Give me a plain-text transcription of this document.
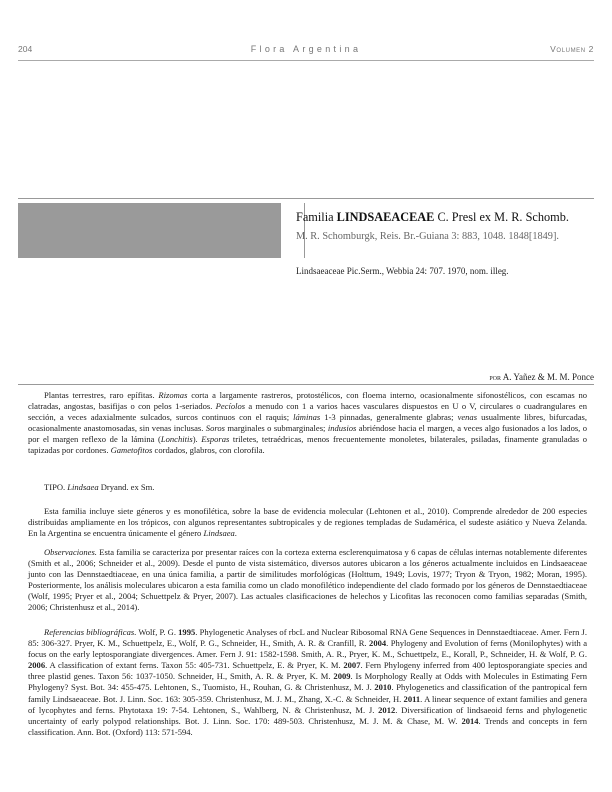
204	Flora Argentina	Volumen 2
Familia LINDSAEACEAE C. Presl ex M. R. Schomb.
M. R. Schomburgk, Reis. Br.-Guiana 3: 883, 1048. 1848[1849].
Lindsaeaceae Pic.Serm., Webbia 24: 707. 1970, nom. illeg.
por A. Yañez & M. M. Ponce

Plantas terrestres, raro epífitas. Rizomas corta a largamente rastreros, protostélicos, con floema interno, ocasionalmente sifonostélicos, con escamas no clatradas, angostas, basifijas o con pelos 1-seriados. Pecíolos a menudo con 1 a varios haces vasculares dispuestos en U o V, circulares o cuadrangulares en sección, a veces adaxialmente sulcados, surcos continuos con el raquis; láminas 1-3 pinnadas, generalmente glabras; venas usualmente libres, bifurcadas, ocasionalmente anastomosadas, sin venas inclusas. Soros marginales o submarginales; indusios abriéndose hacia el margen, a veces algo fusionados a los lados, o por el margen reflexo de la lámina (Lonchitis). Esporas triletes, tetraédricas, menos frecuentemente monoletes, bilaterales, psiladas, finamente granuladas o tapizadas por cordones. Gametofitos cordados, glabros, con clorofila.

TIPO. Lindsaea Dryand. ex Sm.

Esta familia incluye siete géneros y es monofilética, sobre la base de evidencia molecular (Lehtonen et al., 2010). Comprende alrededor de 200 especies distribuidas ampliamente en los trópicos, con algunos representantes subtropicales y de regiones templadas de Sudamérica, el sudeste asiático y Nueva Zelanda. En la Argentina se encuentra únicamente el género Lindsaea.

Observaciones. Esta familia se caracteriza por presentar raíces con la corteza externa esclerenquimatosa y 6 capas de células internas notablemente diferentes (Smith et al., 2006; Schneider et al., 2009). Desde el punto de vista sistemático, diversos autores ubicaron a los géneros actualmente incluidos en Lindsaeaceae junto con las Dennstaedtiaceae, en una única familia, a partir de similitudes morfológicas (Holttum, 1949; Lovis, 1977; Tryon & Tryon, 1982; Moran, 1995). Posteriormente, los análisis moleculares ubicaron a esta familia como un clado monofilético independiente del clado formado por los géneros de Dennstaedtiaceae (Wolf, 1995; Pryer et al., 2004; Schuettpelz & Pryer, 2007). Las actuales clasificaciones de helechos y Licofitas las reconocen como familias separadas (Smith, 2006; Christenhusz et al., 2014).

Referencias bibliográficas. Wolf, P. G. 1995. Phylogenetic Analyses of rbcL and Nuclear Ribosomal RNA Gene Sequences in Dennstaedtiaceae. Amer. Fern J. 85: 306-327. Pryer, K. M., Schuettpelz, E., Wolf, P. G., Schneider, H., Smith, A. R. & Cranfill, R. 2004. Phylogeny and Evolution of ferns (Monilophytes) with a focus on the early leptosporangiate divergences. Amer. Fern J. 91: 1582-1598. Smith, A. R., Pryer, K. M., Schuettpelz, E., Korall, P., Schneider, H. & Wolf, P. G. 2006. A classification of extant ferns. Taxon 55: 405-731. Schuettpelz, E. & Pryer, K. M. 2007. Fern Phylogeny inferred from 400 leptosporangiate species and three plastid genes. Taxon 56: 1037-1050. Schneider, H., Smith, A. R. & Pryer, K. M. 2009. Is Morphology Really at Odds with Molecules in Estimating Fern Phylogeny? Syst. Bot. 34: 455-475. Lehtonen, S., Tuomisto, H., Rouhan, G. & Christenhusz, M. J. 2010. Phylogenetics and classification of the pantropical fern family Lindsaeaceae. Bot. J. Linn. Soc. 163: 305-359. Christenhusz, M. J. M., Zhang, X.-C. & Schneider, H. 2011. A linear sequence of extant families and genera of lycophytes and ferns. Phytotaxa 19: 7-54. Lehtonen, S., Wahlberg, N. & Christenhusz, M. J. 2012. Diversification of lindsaeoid ferns and phylogenetic uncertainty of early polypod relationships. Bot. J. Linn. Soc. 170: 489-503. Christenhusz, M. J. M. & Chase, M. W. 2014. Trends and concepts in fern classification. Ann. Bot. (Oxford) 113: 571-594.
